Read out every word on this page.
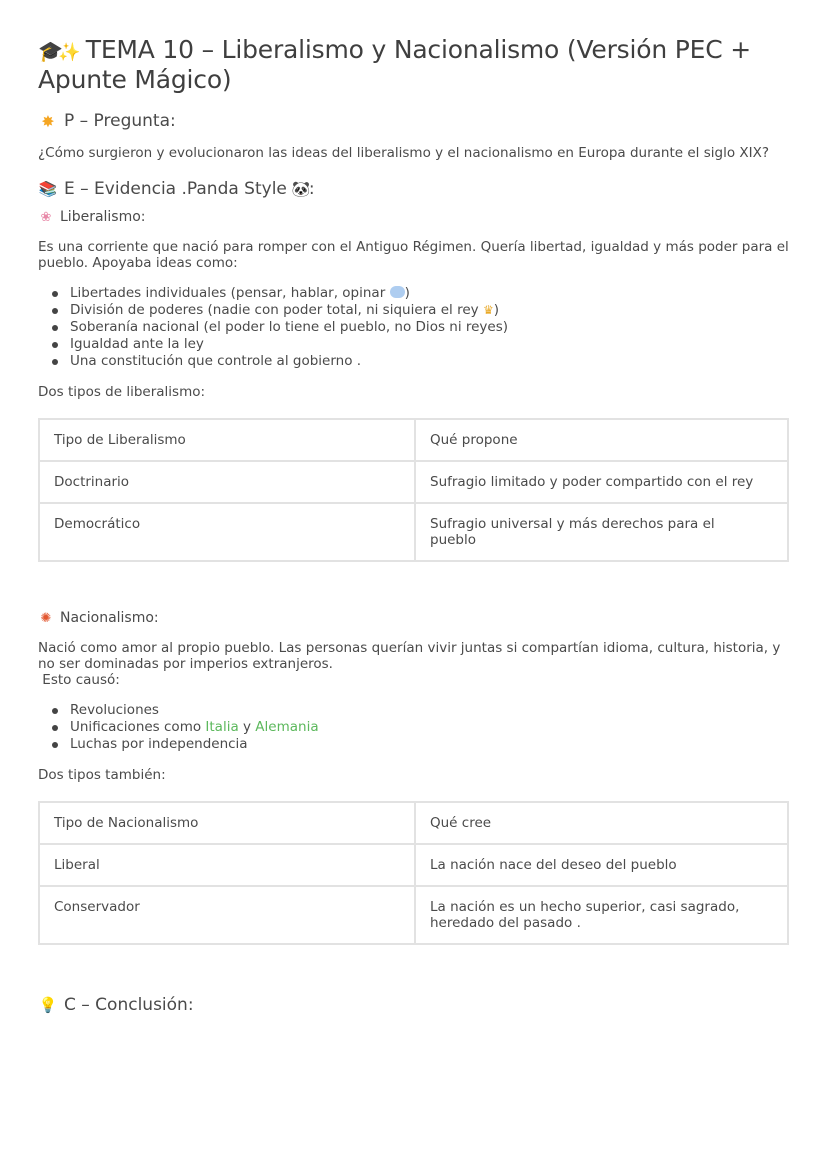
🎓✨ TEMA 10 – Liberalismo y Nacionalismo (Versión PEC + Apunte Mágico)
✸ P – Pregunta:
¿Cómo surgieron y evolucionaron las ideas del liberalismo y el nacionalismo en Europa durante el siglo XIX?
📚 E – Evidencia .Panda Style 🐼
:
❀ Liberalismo:
Es una corriente que nació para romper con el Antiguo Régimen. Quería libertad, igualdad y más poder para el pueblo. Apoyaba ideas como:
Libertades individuales (pensar, hablar, opinar )
División de poderes (nadie con poder total, ni siquiera el rey ♛)
Soberanía nacional (el poder lo tiene el pueblo, no Dios ni reyes)
Igualdad ante la ley
Una constitución que controle al gobierno .
Dos tipos de liberalismo:
Tipo de Liberalismo	Qué propone
Doctrinario	Sufragio limitado y poder compartido con el rey
Democrático	Sufragio universal y más derechos para el pueblo
✺ Nacionalismo:
Nació como amor al propio pueblo. Las personas querían vivir juntas si compartían idioma, cultura, historia, y no ser dominadas por imperios extranjeros.
Esto causó:
Revoluciones
Unificaciones como Italia y Alemania
Luchas por independencia
Dos tipos también:
Tipo de Nacionalismo	Qué cree
Liberal	La nación nace del deseo del pueblo
Conservador	La nación es un hecho superior, casi sagrado, heredado del pasado .
💡 C – Conclusión:
